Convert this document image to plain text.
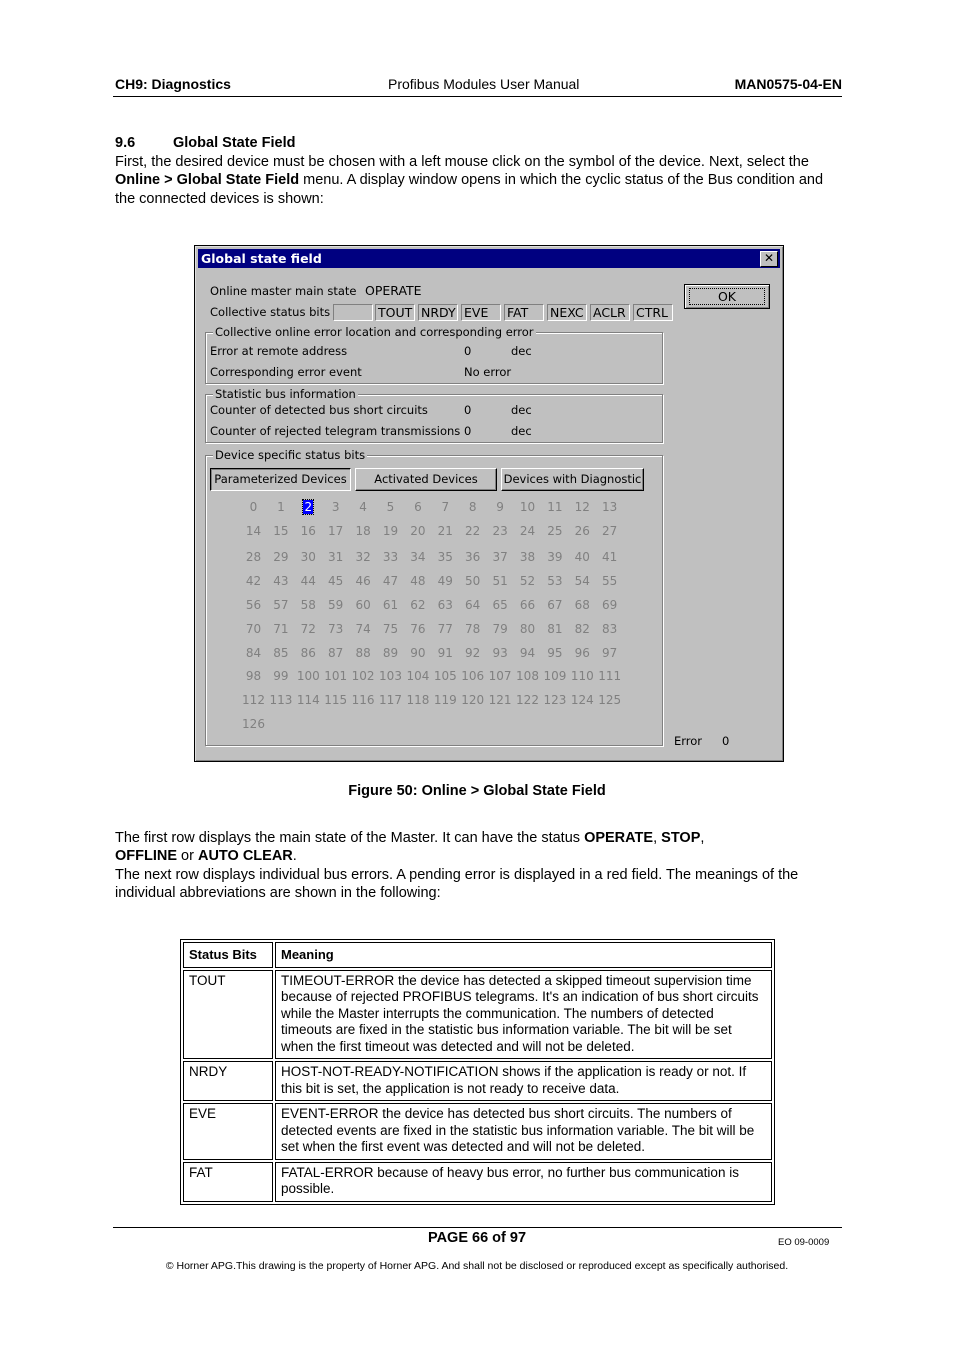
CH9: Diagnostics	Profibus Modules User Manual	MAN0575-04-EN
9.6	Global State Field
First, the desired device must be chosen with a left mouse click on the symbol of the device. Next, select the Online > Global State Field menu. A display window opens in which the cyclic status of the Bus condition and the connected devices is shown:
Global state field	✕
Online master main state OPERATE
Collective status bits	TOUT NRDY EVE	FAT	NEXC ACLR CTRL
OK
Collective online error location and corresponding error
Error at remote address	0	dec
Corresponding error event	No error
Statistic bus information
Counter of detected bus short circuits	0	dec
Counter of rejected telegram transmissions 0	dec
Device specific status bits
Parameterized Devices	Activated Devices	Devices with Diagnostic
0	1	2	3	4	5	6	7	8	9	10	11	12	13
14	15	16	17	18	19	20	21	22	23	24	25	26	27
28	29	30	31	32	33	34	35	36	37	38	39	40	41
42	43	44	45	46	47	48	49	50	51	52	53	54	55
56	57	58	59	60	61	62	63	64	65	66	67	68	69
70	71	72	73	74	75	76	77	78	79	80	81	82	83
84	85	86	87	88	89	90	91	92	93	94	95	96	97
98	99 100 101 102 103 104 105 106 107 108 109 110 111
112 113 114 115 116 117 118 119 120 121 122 123 124 125
126
Error 0
Figure 50: Online > Global State Field
The first row displays the main state of the Master. It can have the status OPERATE, STOP,
OFFLINE or AUTO CLEAR.
The next row displays individual bus errors. A pending error is displayed in a red field. The meanings of the individual abbreviations are shown in the following:
Status Bits	Meaning
TOUT	TIMEOUT-ERROR the device has detected a skipped timeout supervision time because of rejected PROFIBUS telegrams. It's an indication of bus short circuits while the Master interrupts the communication. The numbers of detected timeouts are fixed in the statistic bus information variable. The bit will be set when the first timeout was detected and will not be deleted.
NRDY	HOST-NOT-READY-NOTIFICATION shows if the application is ready or not. If this bit is set, the application is not ready to receive data.
EVE	EVENT-ERROR the device has detected bus short circuits. The numbers of detected events are fixed in the statistic bus information variable. The bit will be set when the first event was detected and will not be deleted.
FAT	FATAL-ERROR because of heavy bus error, no further bus communication is possible.
PAGE 66 of 97	EO 09-0009
© Horner APG.This drawing is the property of Horner APG. And shall not be disclosed or reproduced except as specifically authorised.
